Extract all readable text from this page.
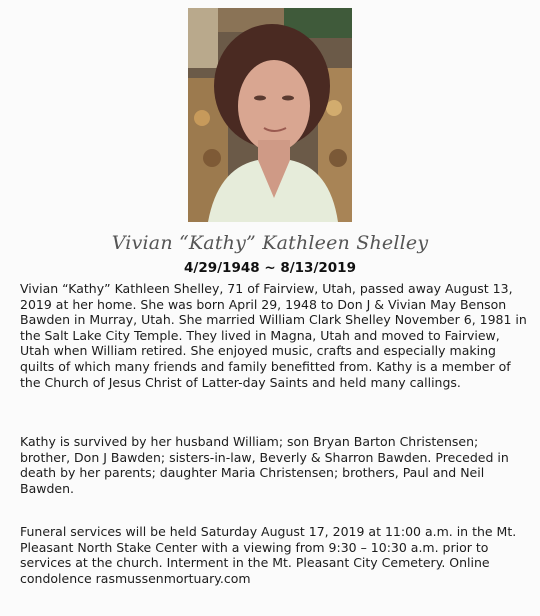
Vivian “Kathy” Kathleen Shelley
4/29/1948 ~ 8/13/2019

Vivian “Kathy” Kathleen Shelley, 71 of Fairview, Utah, passed away August 13, 2019 at her home. She was born April 29, 1948 to Don J & Vivian May Benson Bawden in Murray, Utah. She married William Clark Shelley November 6, 1981 in the Salt Lake City Temple. They lived in Magna, Utah and moved to Fairview, Utah when William retired. She enjoyed music, crafts and especially making quilts of which many friends and family benefitted from. Kathy is a member of the Church of Jesus Christ of Latter-day Saints and held many callings.

Kathy is survived by her husband William; son Bryan Barton Christensen; brother, Don J Bawden; sisters-in-law, Beverly & Sharron Bawden. Preceded in death by her parents; daughter Maria Christensen; brothers, Paul and Neil Bawden.

Funeral services will be held Saturday August 17, 2019 at 11:00 a.m. in the Mt. Pleasant North Stake Center with a viewing from 9:30 – 10:30 a.m. prior to services at the church. Interment in the Mt. Pleasant City Cemetery. Online condolence rasmussenmortuary.com
